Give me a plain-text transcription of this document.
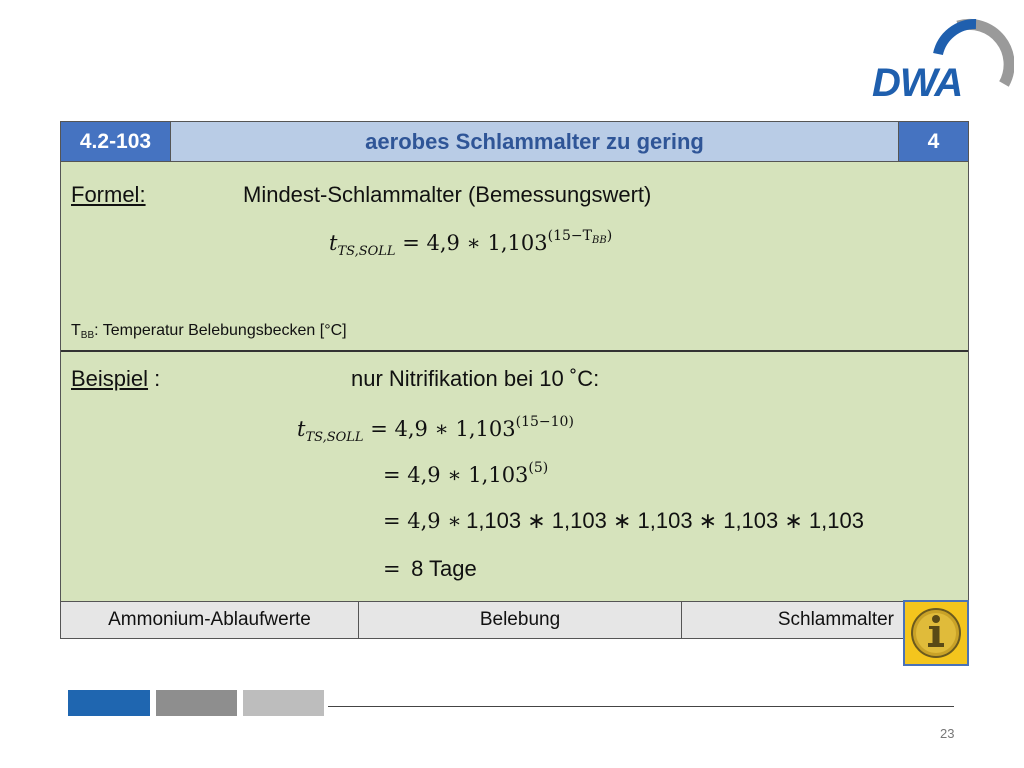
DWA
4.2-103	aerobes Schlammalter zu gering	4
Formel:	Mindest-Schlammalter (Bemessungswert)
$t_{TS,SOLL} = 4,9$ ∗ $1,103^{(15-T_{BB})}$
$T_{BB}$: Temperatur Belebungsbecken [°C]
Beispiel :	nur Nitrifikation bei 10 ˚C:
$t_{TS,SOLL} = 4,9$ ∗ $1,103^{(15-10)}$
= 4,9 ∗ $1,103^{(5)}$
= 4,9 ∗ 1,103 ∗ 1,103 ∗ 1,103 ∗ 1,103 ∗ 1,103
= 8 Tage
Ammonium-Ablaufwerte	Belebung	Schlammalter
23
